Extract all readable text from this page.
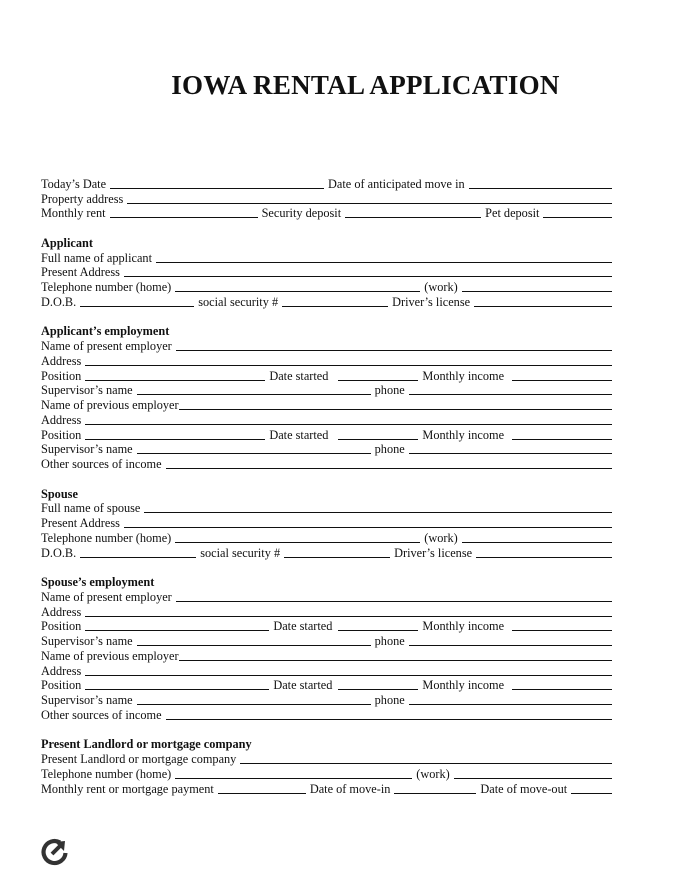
IOWA RENTAL APPLICATION
Today’s Date	Date of anticipated move in
Property address
Monthly rent	Security deposit	Pet deposit
Applicant
Full name of applicant
Present Address
Telephone number (home)	(work)
D.O.B.	social security #	Driver’s license
Applicant’s employment
Name of present employer
Address
Position	Date started	Monthly income
Supervisor’s name	phone
Name of previous employer
Address
Position	Date started	Monthly income
Supervisor’s name	phone
Other sources of income
Spouse
Full name of spouse
Present Address
Telephone number (home)	(work)
D.O.B.	social security #	Driver’s license
Spouse’s employment
Name of present employer
Address
Position	Date started	Monthly income
Supervisor’s name	phone
Name of previous employer
Address
Position	Date started	Monthly income
Supervisor’s name	phone
Other sources of income
Present Landlord or mortgage company
Present Landlord or mortgage company
Telephone number (home)	(work)
Monthly rent or mortgage payment	Date of move-in	Date of move-out
